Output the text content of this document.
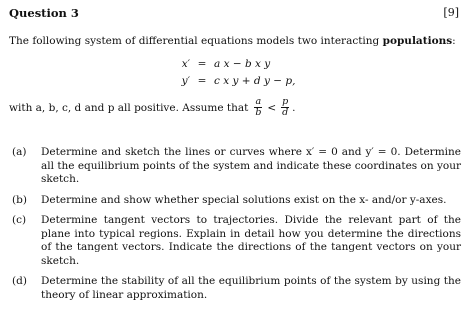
Question 3	[9]
The following system of differential equations models two interacting populations:
x′ = a x − b x y
y′ = c x y + d y − p,
with a, b, c, d and p all positive. Assume that $\frac{a}{b} < \frac{p}{d}$ .
(a)	Determine and sketch the lines or curves where x′ = 0 and y′ = 0. Determine all the equilibrium points of the system and indicate these coordinates on your sketch.
(b)	Determine and show whether special solutions exist on the x- and/or y-axes.
(c)	Determine tangent vectors to trajectories. Divide the relevant part of the plane into typical regions. Explain in detail how you determine the directions of the tangent vectors. Indicate the directions of the tangent vectors on your sketch.
(d)	Determine the stability of all the equilibrium points of the system by using the theory of linear approximation.
